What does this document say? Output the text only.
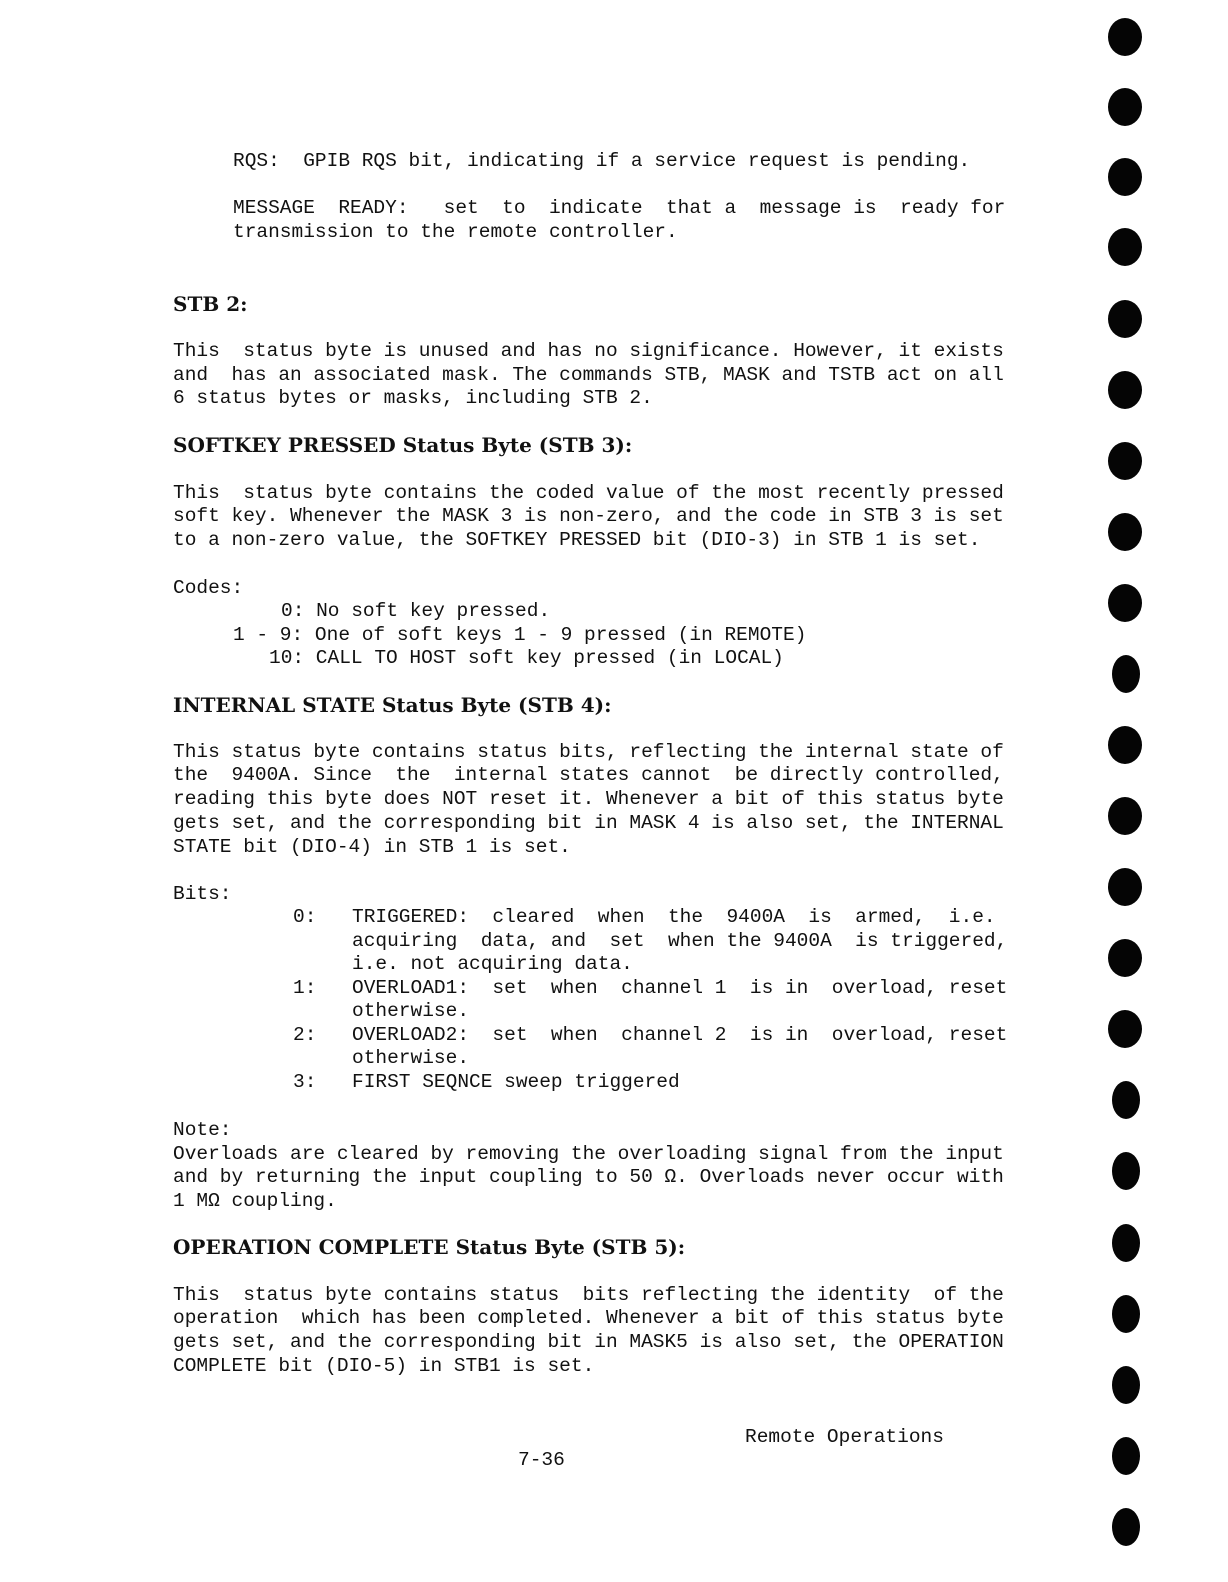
RQS:  GPIB RQS bit, indicating if a service request is pending.
MESSAGE  READY:   set  to  indicate  that a  message is  ready for
transmission to the remote controller.
STB 2:
This  status byte is unused and has no significance. However, it exists
and  has an associated mask. The commands STB, MASK and TSTB act on all
6 status bytes or masks, including STB 2.
SOFTKEY PRESSED Status Byte (STB 3):
This  status byte contains the coded value of the most recently pressed
soft key. Whenever the MASK 3 is non-zero, and the code in STB 3 is set
to a non-zero value, the SOFTKEY PRESSED bit (DIO-3) in STB 1 is set.
Codes:
0: No soft key pressed.
1 - 9: One of soft keys 1 - 9 pressed (in REMOTE)
10: CALL TO HOST soft key pressed (in LOCAL)
INTERNAL STATE Status Byte (STB 4):
This status byte contains status bits, reflecting the internal state of
the  9400A. Since  the  internal states cannot  be directly controlled,
reading this byte does NOT reset it. Whenever a bit of this status byte
gets set, and the corresponding bit in MASK 4 is also set, the INTERNAL
STATE bit (DIO-4) in STB 1 is set.
Bits:
0: TRIGGERED:  cleared  when  the  9400A  is  armed,  i.e.
acquiring  data, and  set  when the 9400A  is triggered,
i.e. not acquiring data.
1: OVERLOAD1:  set  when  channel 1  is in  overload, reset
otherwise.
2: OVERLOAD2:  set  when  channel 2  is in  overload, reset
otherwise.
3: FIRST SEQNCE sweep triggered
Note:
Overloads are cleared by removing the overloading signal from the input
and by returning the input coupling to 50 Ω. Overloads never occur with
1 MΩ coupling.
OPERATION COMPLETE Status Byte (STB 5):
This  status byte contains status  bits reflecting the identity  of the
operation  which has been completed. Whenever a bit of this status byte
gets set, and the corresponding bit in MASK5 is also set, the OPERATION
COMPLETE bit (DIO-5) in STB1 is set.
Remote Operations
7-36
